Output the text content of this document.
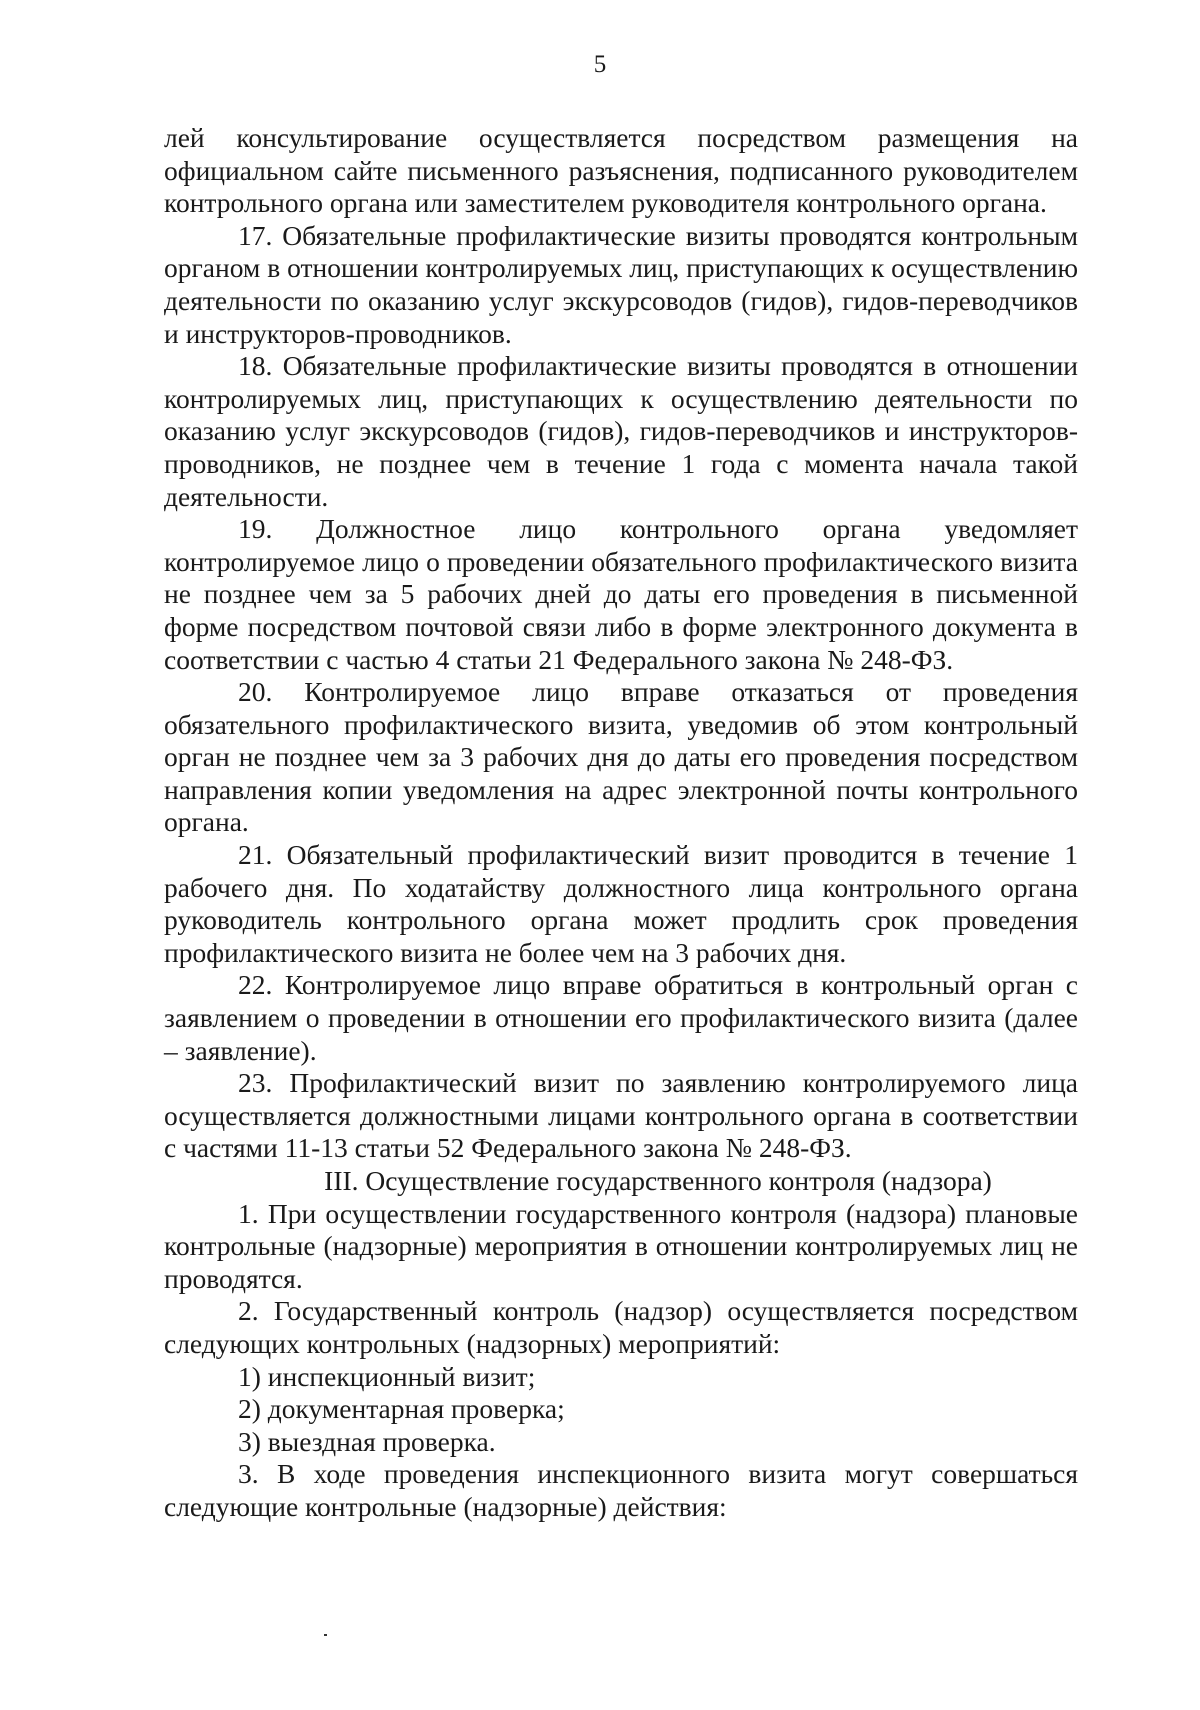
5

лей консультирование осуществляется посредством размещения на официальном сайте письменного разъяснения, подписанного руководителем контрольного органа или заместителем руководителя контрольного органа.

17. Обязательные профилактические визиты проводятся контрольным органом в отношении контролируемых лиц, приступающих к осуществлению деятельности по оказанию услуг экскурсоводов (гидов), гидов-переводчиков и инструкторов-проводников.

18. Обязательные профилактические визиты проводятся в отношении контролируемых лиц, приступающих к осуществлению деятельности по оказанию услуг экскурсоводов (гидов), гидов-переводчиков и инструкторов-проводников, не позднее чем в течение 1 года с момента начала такой деятельности.

19. Должностное лицо контрольного органа уведомляет контролируемое лицо о проведении обязательного профилактического визита не позднее чем за 5 рабочих дней до даты его проведения в письменной форме посредством почтовой связи либо в форме электронного документа в соответствии с частью 4 статьи 21 Федерального закона № 248-ФЗ.

20. Контролируемое лицо вправе отказаться от проведения обязательного профилактического визита, уведомив об этом контрольный орган не позднее чем за 3 рабочих дня до даты его проведения посредством направления копии уведомления на адрес электронной почты контрольного органа.

21. Обязательный профилактический визит проводится в течение 1 рабочего дня. По ходатайству должностного лица контрольного органа руководитель контрольного органа может продлить срок проведения профилактического визита не более чем на 3 рабочих дня.

22. Контролируемое лицо вправе обратиться в контрольный орган с заявлением о проведении в отношении его профилактического визита (далее – заявление).

23. Профилактический визит по заявлению контролируемого лица осуществляется должностными лицами контрольного органа в соответствии с частями 11-13 статьи 52 Федерального закона № 248-ФЗ.

III. Осуществление государственного контроля (надзора)

1. При осуществлении государственного контроля (надзора) плановые контрольные (надзорные) мероприятия в отношении контролируемых лиц не проводятся.

2. Государственный контроль (надзор) осуществляется посредством следующих контрольных (надзорных) мероприятий:

1) инспекционный визит;

2) документарная проверка;

3) выездная проверка.

3. В ходе проведения инспекционного визита могут совершаться следующие контрольные (надзорные) действия:
